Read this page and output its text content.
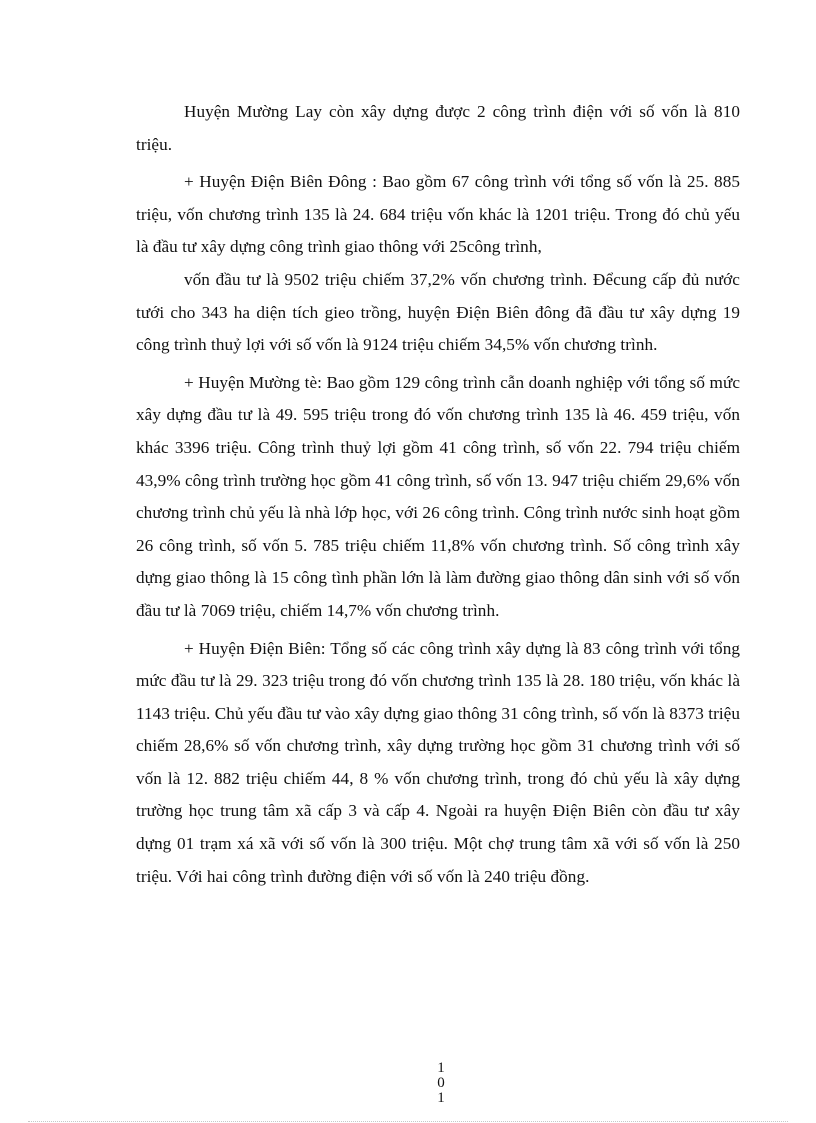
Huyện Mường Lay còn xây dựng được 2 công trình điện với số vốn là 810 triệu.

+ Huyện Điện Biên Đông : Bao gồm 67 công trình với tổng số vốn là 25. 885 triệu, vốn chương trình 135 là 24. 684 triệu vốn khác là 1201 triệu. Trong đó chủ yếu là đầu tư xây dựng công trình giao thông với 25công trình,

vốn đầu tư là 9502 triệu chiếm 37,2% vốn chương trình. Đểcung cấp đủ nước tưới cho 343 ha diện tích gieo trồng, huyện Điện Biên đông đã đầu tư xây dựng 19 công trình thuỷ lợi với số vốn là 9124 triệu chiếm 34,5% vốn chương trình.

+ Huyện Mường tè: Bao gồm 129 công trình cẫn doanh nghiệp với tổng số mức xây dựng đầu tư là 49. 595 triệu trong đó vốn chương trình 135 là 46. 459 triệu, vốn khác 3396 triệu. Công trình thuỷ lợi gồm 41 công trình, số vốn 22. 794 triệu chiếm 43,9% công trình trường học gồm 41 công trình, số vốn 13. 947 triệu chiếm 29,6% vốn chương trình chủ yếu là nhà lớp học, với 26 công trình. Công trình nước sinh hoạt gồm 26 công trình, số vốn 5. 785 triệu chiếm 11,8% vốn chương trình. Số công trình xây dựng giao thông là 15 công tình phần lớn là làm đường giao thông dân sinh với số vốn đầu tư là 7069 triệu, chiếm 14,7% vốn chương trình.

+ Huyện Điện Biên: Tổng số các công trình xây dựng là 83 công trình với tổng mức đầu tư là 29. 323 triệu trong đó vốn chương trình 135 là 28. 180 triệu, vốn khác là 1143 triệu. Chủ yếu đầu tư vào xây dựng giao thông 31 công trình, số vốn là 8373 triệu chiếm 28,6% số vốn chương trình, xây dựng trường học gồm 31 chương trình với số vốn là 12. 882 triệu chiếm 44, 8 % vốn chương trình, trong đó chủ yếu là xây dựng trường học trung tâm xã cấp 3 và cấp 4. Ngoài ra huyện Điện Biên còn đầu tư xây dựng 01 trạm xá xã với số vốn là 300 triệu. Một chợ trung tâm xã với số vốn là 250 triệu. Với hai công trình đường điện với số vốn là 240 triệu đồng.

1
0
1
